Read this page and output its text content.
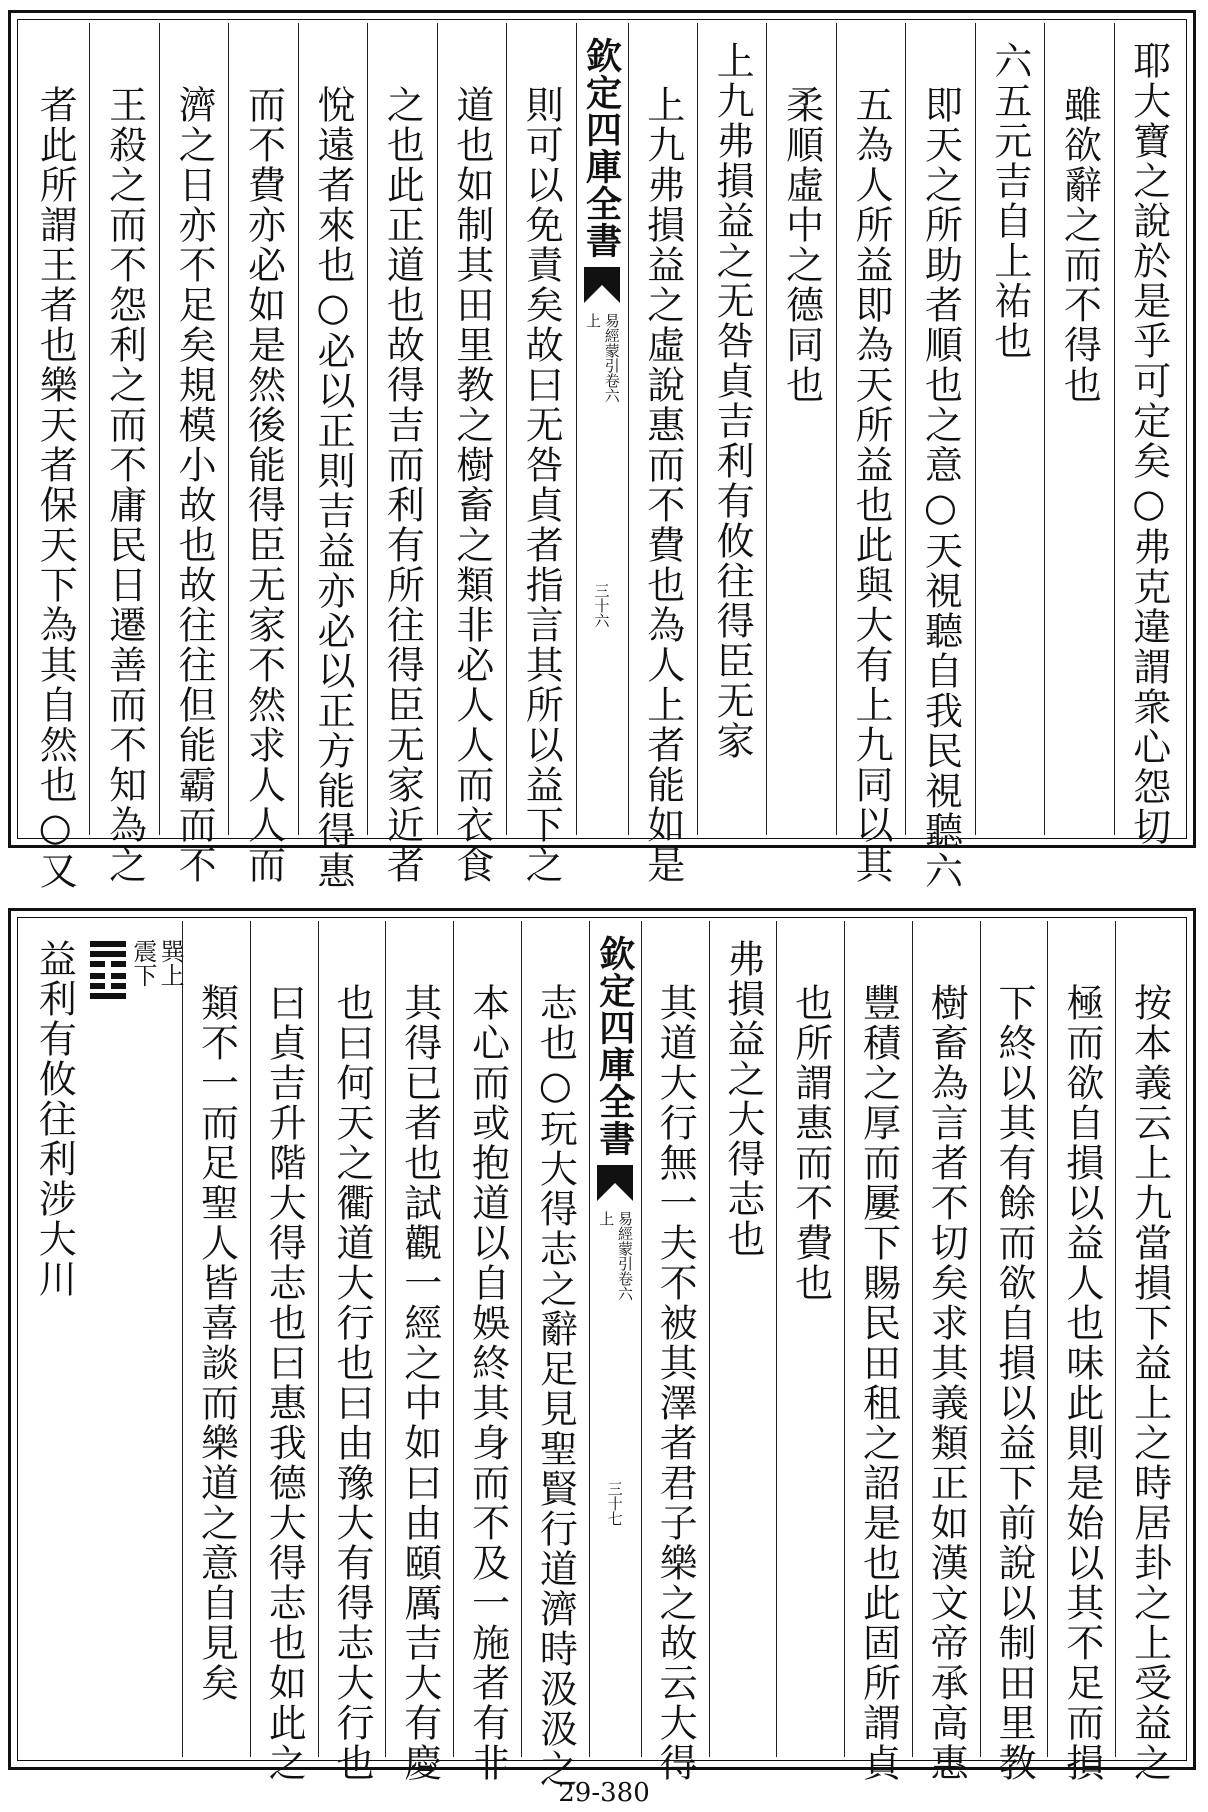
耶大寶之說於是乎可定矣○弗克違謂衆心怨切
雖欲辭之而不得也
六五元吉自上祐也
即天之所助者順也之意○天視聽自我民視聽六
五為人所益即為天所益也此與大有上九同以其
柔順虛中之德同也
上九弗損益之无咎貞吉利有攸往得臣无家
上九弗損益之虛說惠而不費也為人上者能如是
欽定四庫全書
易經蒙引卷六上
三十六
則可以免責矣故曰无咎貞者指言其所以益下之
道也如制其田里教之樹畜之類非必人人而衣食
之也此正道也故得吉而利有所往得臣无家近者
悅遠者來也○必以正則吉益亦必以正方能得惠
而不費亦必如是然後能得臣无家不然求人人而
濟之日亦不足矣規模小故也故往往但能霸而不
王殺之而不怨利之而不庸民日遷善而不知為之
者此所謂王者也樂天者保天下為其自然也○又
按本義云上九當損下益上之時居卦之上受益之
極而欲自損以益人也味此則是始以其不足而損
下終以其有餘而欲自損以益下前說以制田里教
樹畜為言者不切矣求其義類正如漢文帝承高惠
豐積之厚而屢下賜民田租之詔是也此固所謂貞
也所謂惠而不費也
弗損益之大得志也
其道大行無一夫不被其澤者君子樂之故云大得
欽定四庫全書
易經蒙引卷六上
三十七
志也○玩大得志之辭足見聖賢行道濟時汲汲之
本心而或抱道以自娛終其身而不及一施者有非
其得已者也試觀一經之中如曰由頤厲吉大有慶
也曰何天之衢道大行也曰由豫大有得志大行也
曰貞吉升階大得志也曰惠我德大得志也如此之
類不一而足聖人皆喜談而樂道之意自見矣
震下 巽上
益利有攸往利涉大川
29-380
